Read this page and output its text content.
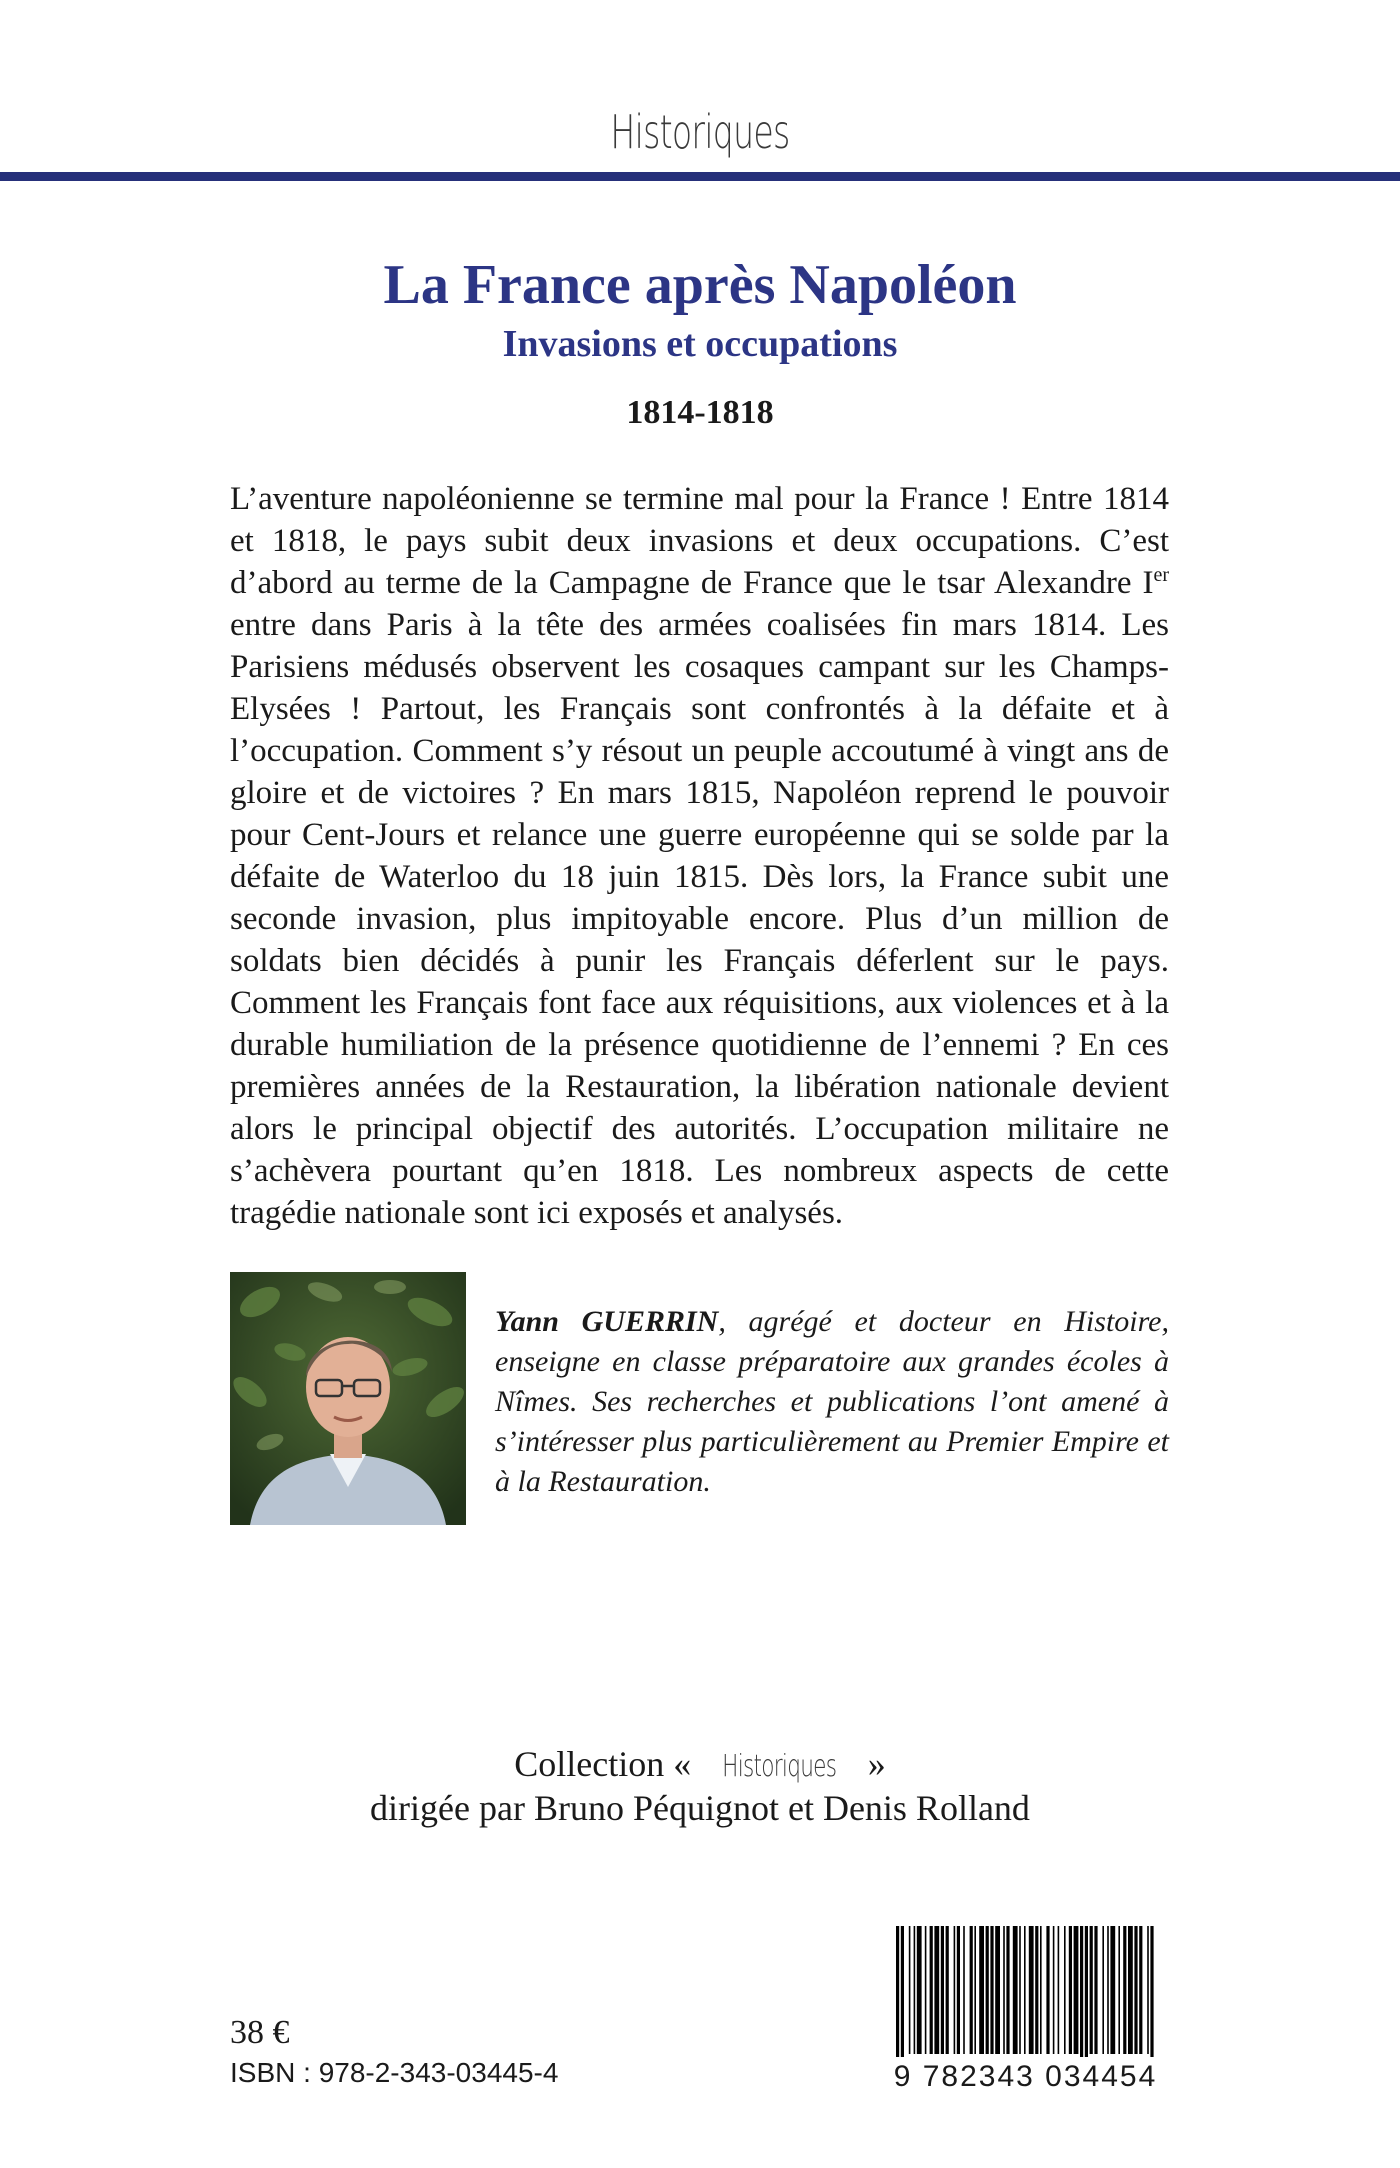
Historiques
La France après Napoléon
Invasions et occupations
1814-1818

L’aventure napoléonienne se termine mal pour la France ! Entre 1814 et 1818, le pays subit deux invasions et deux occupations. C’est d’abord au terme de la Campagne de France que le tsar Alexandre Ier entre dans Paris à la tête des armées coalisées fin mars 1814. Les Parisiens médusés observent les cosaques campant sur les Champs-Elysées ! Partout, les Français sont confrontés à la défaite et à l’occupation. Comment s’y résout un peuple accoutumé à vingt ans de gloire et de victoires ? En mars 1815, Napoléon reprend le pouvoir pour Cent-Jours et relance une guerre européenne qui se solde par la défaite de Waterloo du 18 juin 1815. Dès lors, la France subit une seconde invasion, plus impitoyable encore. Plus d’un million de soldats bien décidés à punir les Français déferlent sur le pays. Comment les Français font face aux réquisitions, aux violences et à la durable humiliation de la présence quotidienne de l’ennemi ? En ces premières années de la Restauration, la libération nationale devient alors le principal objectif des autorités. L’occupation militaire ne s’achèvera pourtant qu’en 1818. Les nombreux aspects de cette tragédie nationale sont ici exposés et analysés.

Yann GUERRIN, agrégé et docteur en Histoire, enseigne en classe préparatoire aux grandes écoles à Nîmes. Ses recherches et publications l’ont amené à s’intéresser plus particulièrement au Premier Empire et à la Restauration.
Collection « Historiques »
dirigée par Bruno Péquignot et Denis Rolland
38 €
ISBN : 978-2-343-03445-4	9 782343 034454
